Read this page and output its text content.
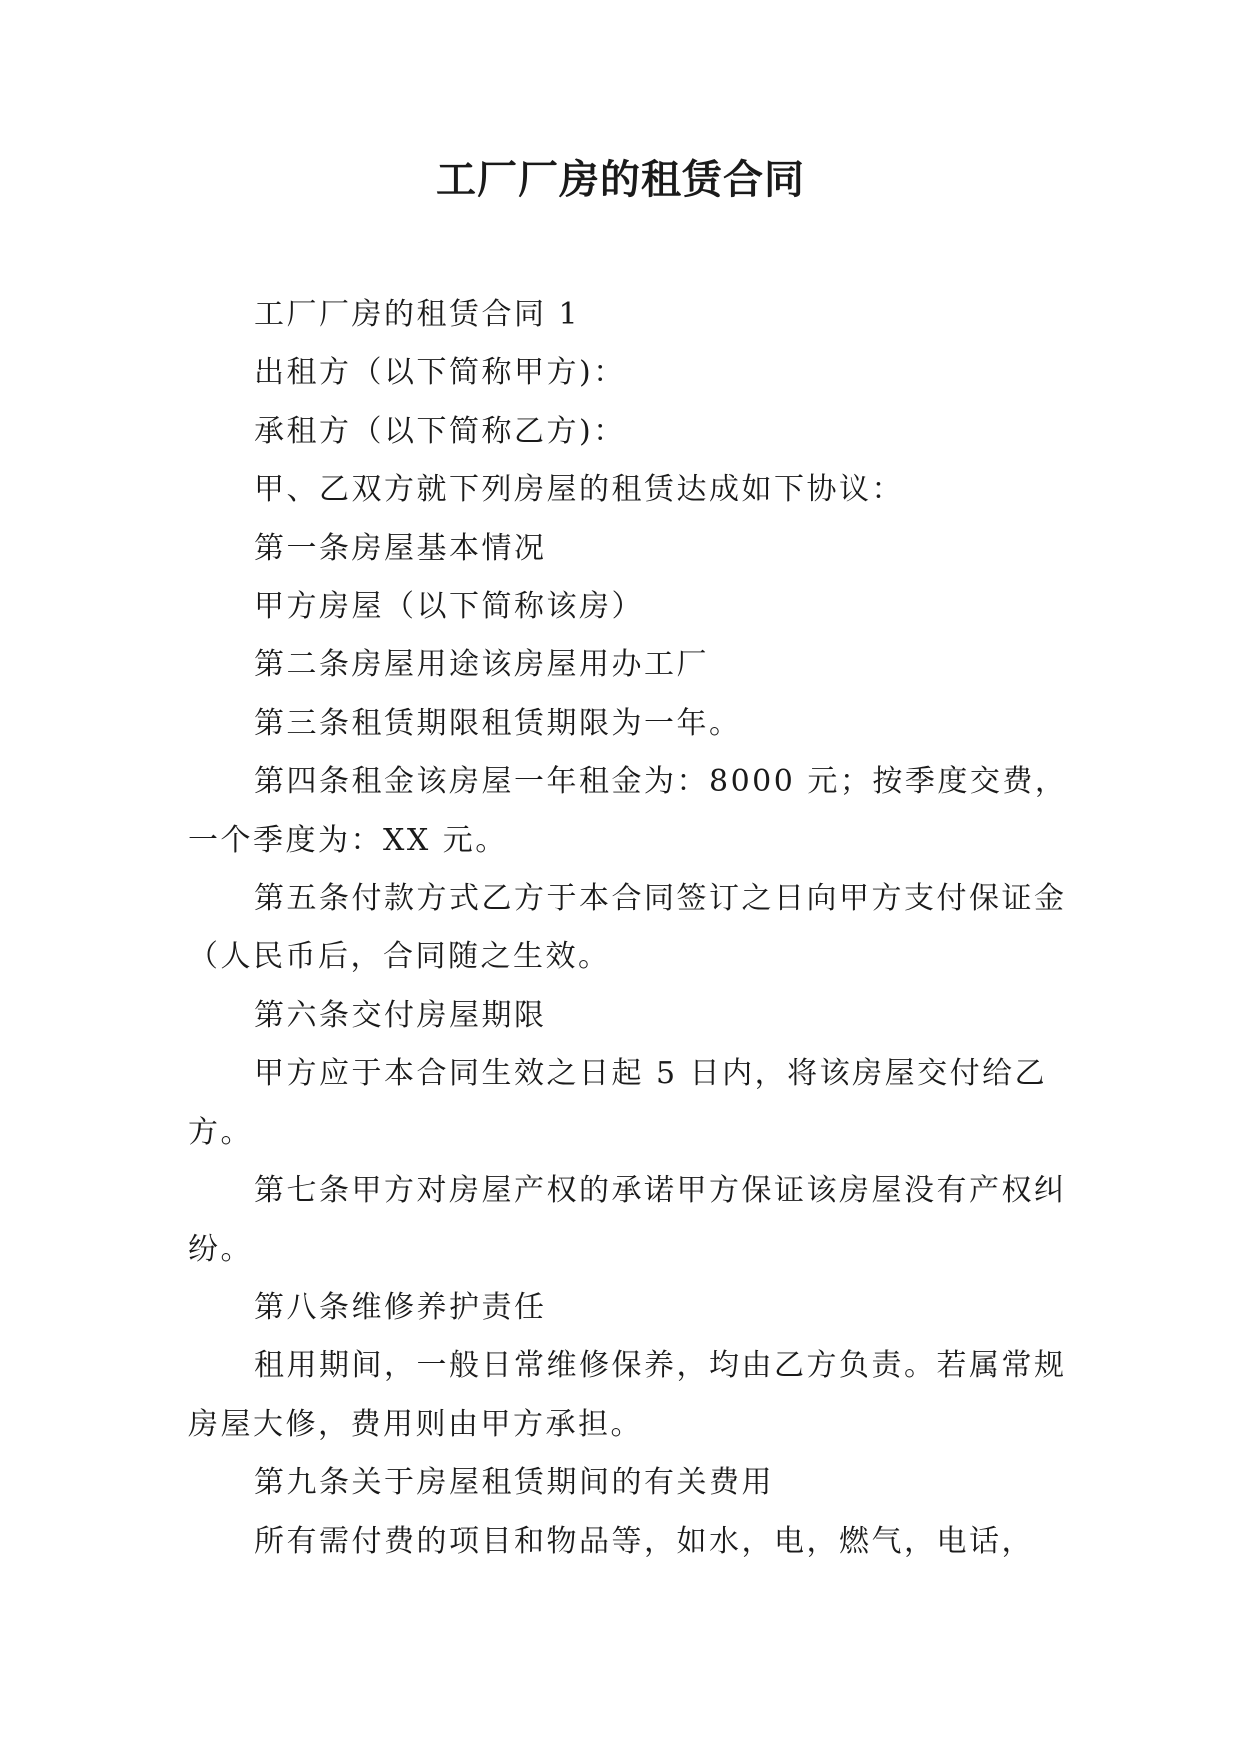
工厂厂房的租赁合同

工厂厂房的租赁合同 1

出租方（以下简称甲方)：

承租方（以下简称乙方)：

甲、乙双方就下列房屋的租赁达成如下协议：

第一条房屋基本情况

甲方房屋（以下简称该房）

第二条房屋用途该房屋用办工厂

第三条租赁期限租赁期限为一年。

第四条租金该房屋一年租金为：8000 元；按季度交费，一个季度为：XX 元。

第五条付款方式乙方于本合同签订之日向甲方支付保证金（人民币后，合同随之生效。

第六条交付房屋期限

甲方应于本合同生效之日起 5 日内，将该房屋交付给乙方。

第七条甲方对房屋产权的承诺甲方保证该房屋没有产权纠纷。

第八条维修养护责任

租用期间，一般日常维修保养，均由乙方负责。若属常规房屋大修，费用则由甲方承担。

第九条关于房屋租赁期间的有关费用

所有需付费的项目和物品等，如水，电，燃气，电话，
